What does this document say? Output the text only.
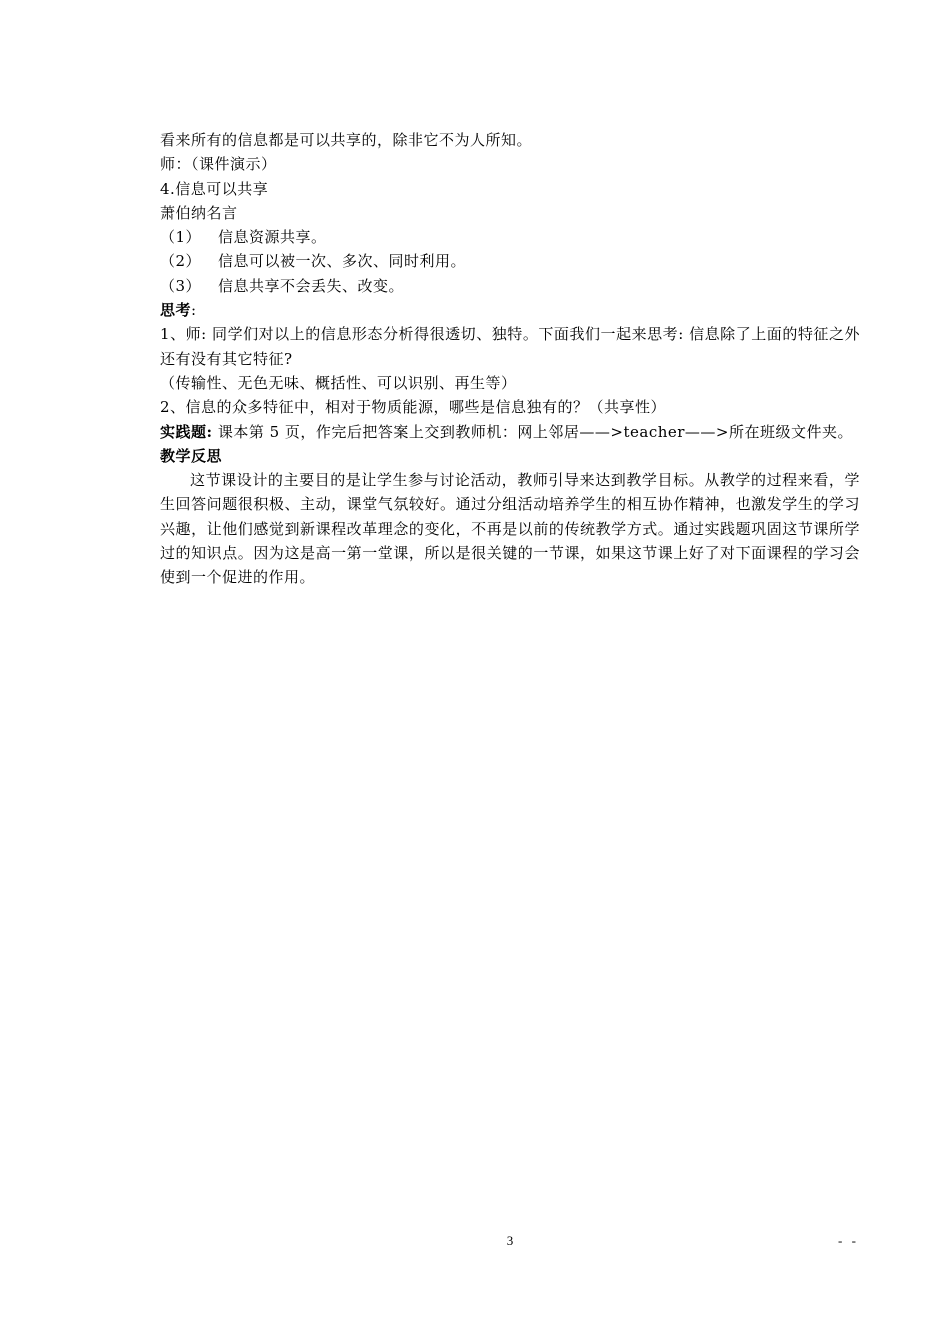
看来所有的信息都是可以共享的，除非它不为人所知。

师：（课件演示）

4.信息可以共享

萧伯纳名言

（1） 信息资源共享。

（2） 信息可以被一次、多次、同时利用。

（3） 信息共享不会丢失、改变。

思考:

1、师: 同学们对以上的信息形态分析得很透切、独特。下面我们一起来思考: 信息除了上面的特征之外还有没有其它特征?

（传输性、无色无味、概括性、可以识别、再生等）

2、信息的众多特征中，相对于物质能源，哪些是信息独有的？（共享性）

实践题: 课本第 5 页，作完后把答案上交到教师机：网上邻居——>teacher——>所在班级文件夹。

教学反思

这节课设计的主要目的是让学生参与讨论活动，教师引导来达到教学目标。从教学的过程来看，学生回答问题很积极、主动，课堂气氛较好。通过分组活动培养学生的相互协作精神，也激发学生的学习兴趣，让他们感觉到新课程改革理念的变化，不再是以前的传统教学方式。通过实践题巩固这节课所学过的知识点。因为这是高一第一堂课，所以是很关键的一节课，如果这节课上好了对下面课程的学习会使到一个促进的作用。

3	- -
